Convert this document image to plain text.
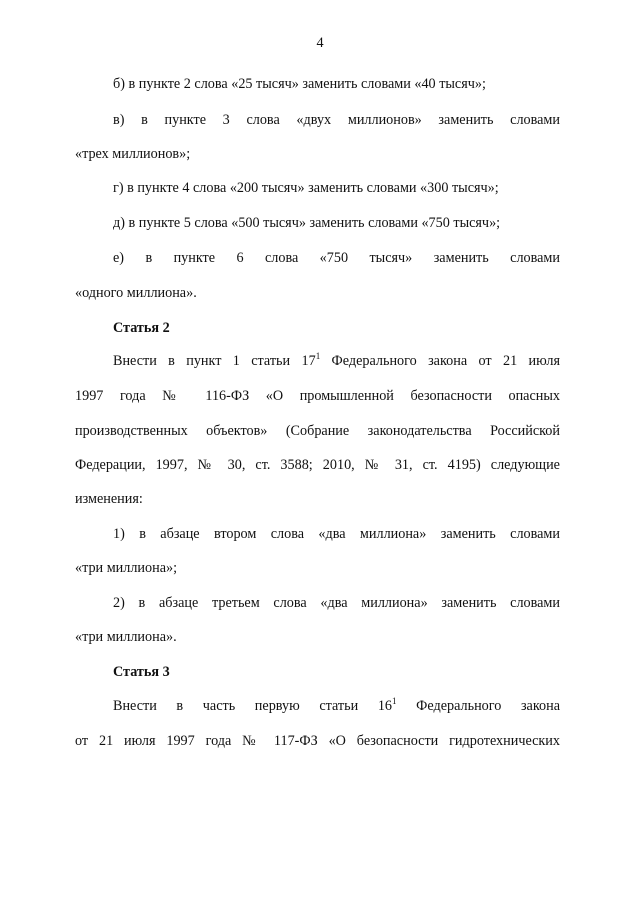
4
б) в пункте 2 слова «25 тысяч» заменить словами «40 тысяч»;
в) в пункте 3 слова «двух миллионов» заменить словами
«трех миллионов»;
г) в пункте 4 слова «200 тысяч» заменить словами «300 тысяч»;
д) в пункте 5 слова «500 тысяч» заменить словами «750 тысяч»;
е) в пункте 6 слова «750 тысяч» заменить словами
«одного миллиона».
Статья 2
Внести в пункт 1 статьи $17^1$ Федерального закона от 21 июля
1997 года № 116-ФЗ «О промышленной безопасности опасных
производственных объектов» (Собрание законодательства Российской
Федерации, 1997, № 30, ст. 3588; 2010, № 31, ст. 4195) следующие
изменения:
1) в абзаце втором слова «два миллиона» заменить словами
«три миллиона»;
2) в абзаце третьем слова «два миллиона» заменить словами
«три миллиона».
Статья 3
Внести в часть первую статьи $16^1$ Федерального закона
от 21 июля 1997 года № 117-ФЗ «О безопасности гидротехнических
